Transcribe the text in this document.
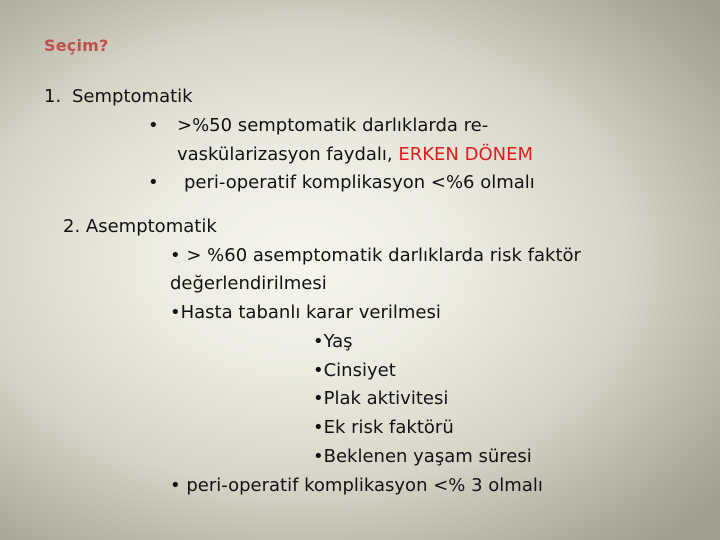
Seçim?
1. Semptomatik
• >%50 semptomatik darlıklarda re-
vaskülarizasyon faydalı, ERKEN DÖNEM
• peri-operatif komplikasyon <%6 olmalı
2. Asemptomatik
• > %60 asemptomatik darlıklarda risk faktör
değerlendirilmesi
•Hasta tabanlı karar verilmesi
•Yaş
•Cinsiyet
•Plak aktivitesi
•Ek risk faktörü
•Beklenen yaşam süresi
• peri-operatif komplikasyon <% 3 olmalı
